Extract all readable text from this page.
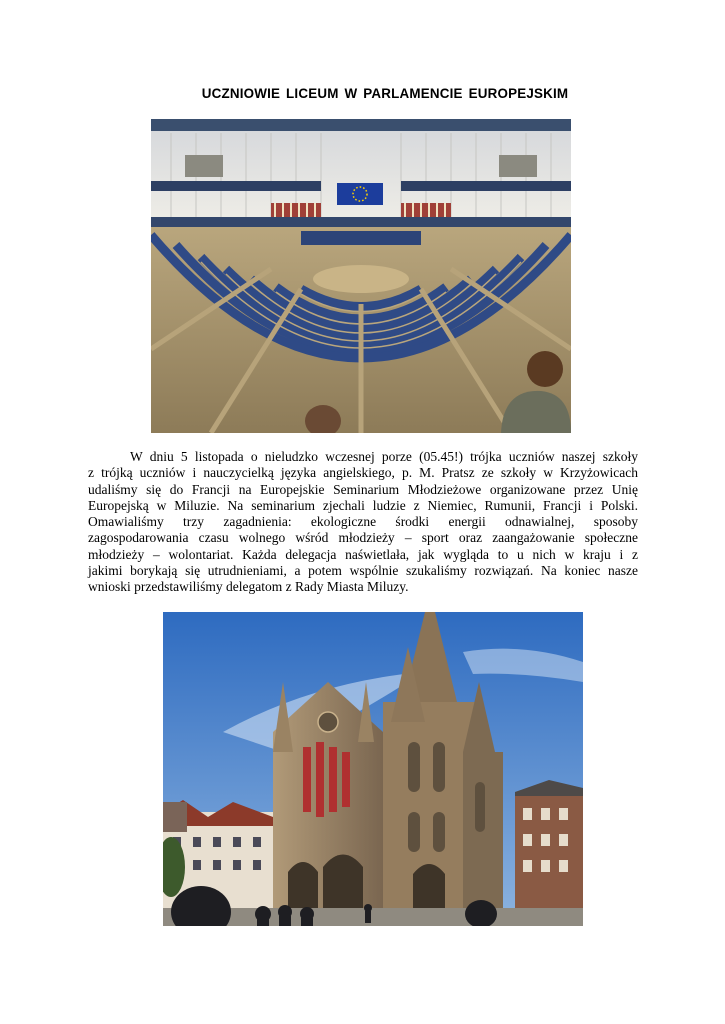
UCZNIOWIE LICEUM W PARLAMENCIE EUROPEJSKIM
W dniu 5 listopada o nieludzko wczesnej porze (05.45!) trójka uczniów naszej szkoły
z trójką uczniów i nauczycielką języka angielskiego, p. M. Pratsz ze szkoły w Krzyżowicach
udaliśmy się do Francji na Europejskie Seminarium Młodzieżowe organizowane przez Unię
Europejską w Miluzie. Na seminarium zjechali ludzie z Niemiec, Rumunii, Francji i Polski.
Omawialiśmy trzy zagadnienia: ekologiczne środki energii odnawialnej, sposoby
zagospodarowania czasu wolnego wśród młodzieży – sport oraz zaangażowanie społeczne
młodzieży – wolontariat. Każda delegacja naświetlała, jak wygląda to u nich w kraju i z
jakimi borykają się utrudnieniami, a potem wspólnie szukaliśmy rozwiązań. Na koniec nasze
wnioski przedstawiliśmy delegatom z Rady Miasta Miluzy.
